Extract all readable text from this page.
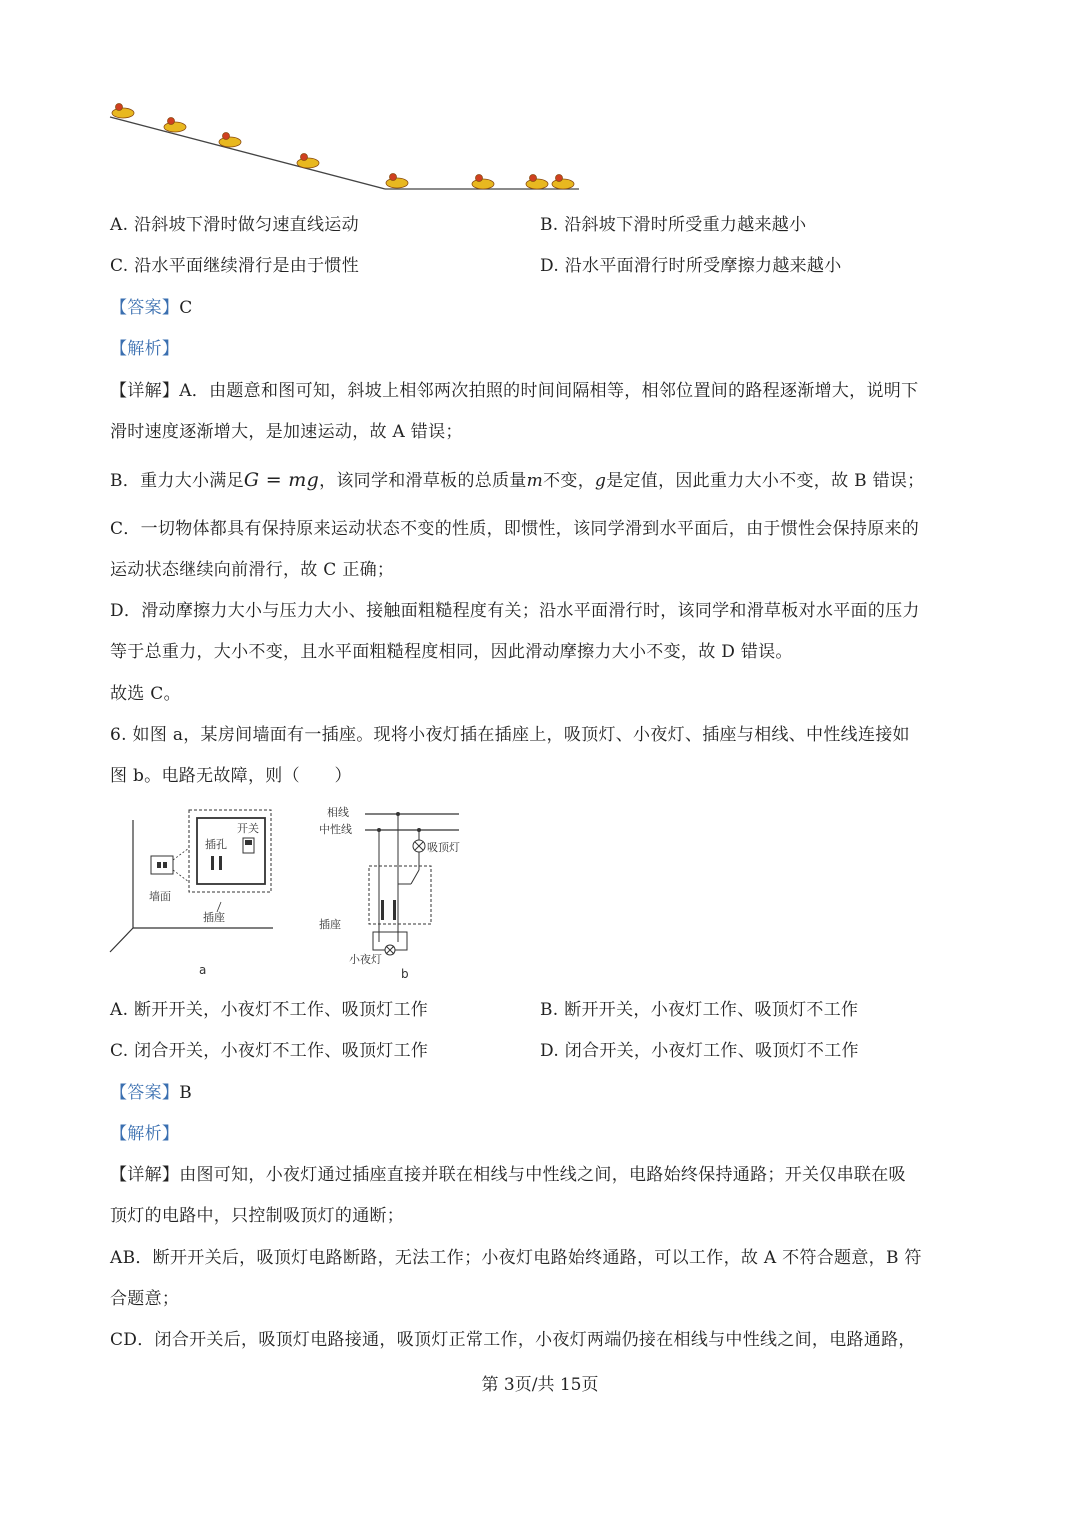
A. 沿斜坡下滑时做匀速直线运动	B. 沿斜坡下滑时所受重力越来越小
C. 沿水平面继续滑行是由于惯性	D. 沿水平面滑行时所受摩擦力越来越小
【答案】C
【解析】
【详解】A．由题意和图可知，斜坡上相邻两次拍照的时间间隔相等，相邻位置间的路程逐渐增大，说明下
滑时速度逐渐增大，是加速运动，故 A 错误；
B．重力大小满足G = mg，该同学和滑草板的总质量m不变，g是定值，因此重力大小不变，故 B 错误；
C．一切物体都具有保持原来运动状态不变的性质，即惯性，该同学滑到水平面后，由于惯性会保持原来的
运动状态继续向前滑行，故 C 正确；
D．滑动摩擦力大小与压力大小、接触面粗糙程度有关；沿水平面滑行时，该同学和滑草板对水平面的压力
等于总重力，大小不变，且水平面粗糙程度相同，因此滑动摩擦力大小不变，故 D 错误。
故选 C。
6. 如图 a，某房间墙面有一插座。现将小夜灯插在插座上，吸顶灯、小夜灯、插座与相线、中性线连接如
图 b。电路无故障，则（　　）
开关
插孔
墙面
插座
a
相线
中性线
吸顶灯
插座
小夜灯
b
A. 断开开关，小夜灯不工作、吸顶灯工作	B. 断开开关，小夜灯工作、吸顶灯不工作
C. 闭合开关，小夜灯不工作、吸顶灯工作	D. 闭合开关，小夜灯工作、吸顶灯不工作
【答案】B
【解析】
【详解】由图可知，小夜灯通过插座直接并联在相线与中性线之间，电路始终保持通路；开关仅串联在吸
顶灯的电路中，只控制吸顶灯的通断；
AB．断开开关后，吸顶灯电路断路，无法工作；小夜灯电路始终通路，可以工作，故 A 不符合题意，B 符
合题意；
CD．闭合开关后，吸顶灯电路接通，吸顶灯正常工作，小夜灯两端仍接在相线与中性线之间，电路通路，
第 3页/共 15页
